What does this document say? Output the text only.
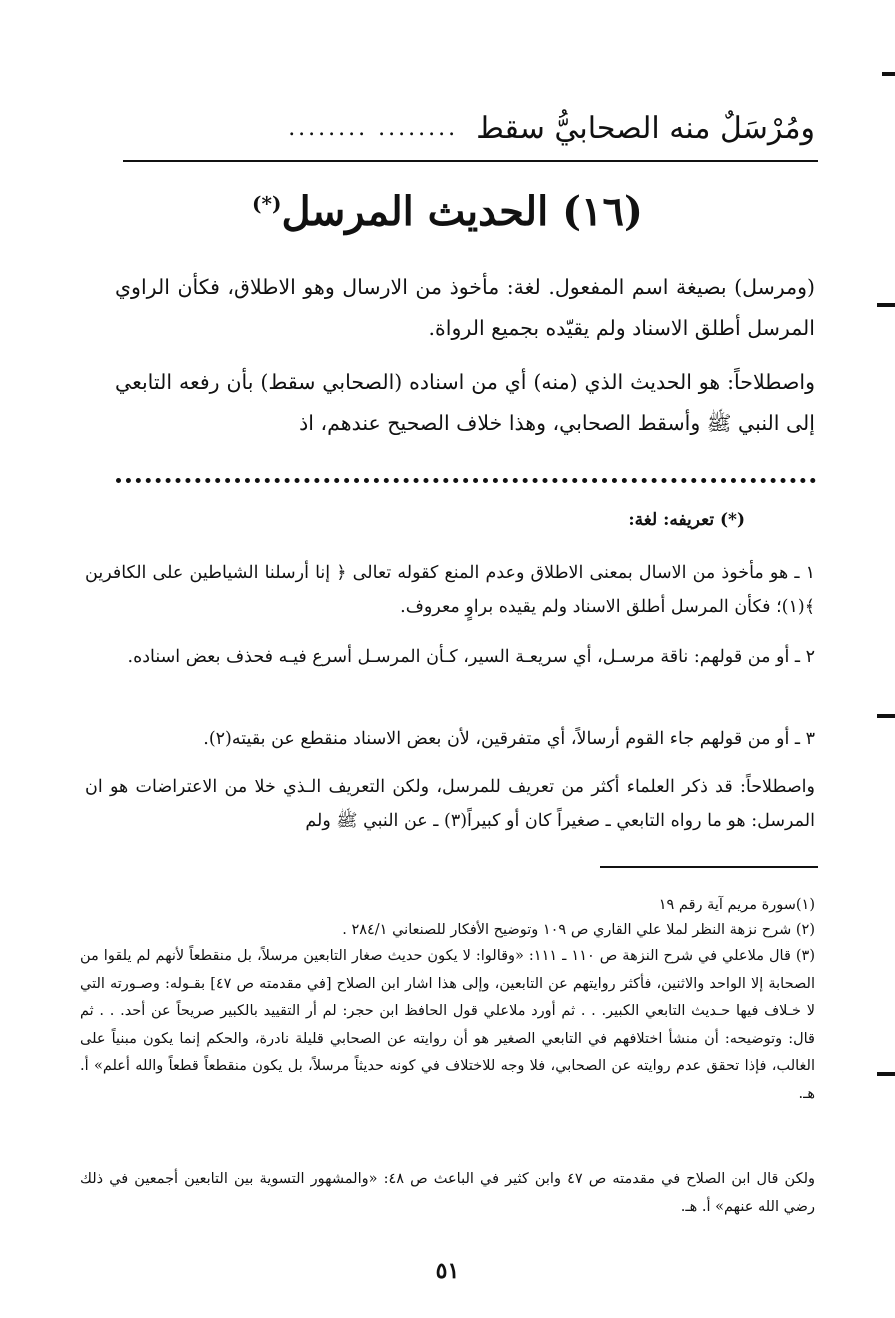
ومُرْسَلٌ منه الصحابيُّ سقط
........ ........
(١٦) الحديث المرسل(*)

(ومرسل) بصيغة اسم المفعول. لغة: مأخوذ من الارسال وهو الاطلاق، فكأن الراوي المرسل أطلق الاسناد ولم يقيّده بجميع الرواة.

واصطلاحاً: هو الحديث الذي (منه) أي من اسناده (الصحابي سقط) بأن رفعه التابعي إلى النبي ﷺ وأسقط الصحابي، وهذا خلاف الصحيح عندهم، اذ

(*) تعريفه: لغة:

١ ـ هو مأخوذ من الاسال بمعنى الاطلاق وعدم المنع كقوله تعالى ﴿ إنا أرسلنا الشياطين على الكافرين ﴾(١)؛ فكأن المرسل أطلق الاسناد ولم يقيده براوٍ معروف.

٢ ـ أو من قولهم: ناقة مرسـل، أي سريعـة السير، كـأن المرسـل أسرع فيـه فحذف بعض اسناده.

٣ ـ أو من قولهم جاء القوم أرسالاً، أي متفرقين، لأن بعض الاسناد منقطع عن بقيته(٢).

واصطلاحاً: قد ذكر العلماء أكثر من تعريف للمرسل، ولكن التعريف الـذي خلا من الاعتراضات هو ان المرسل: هو ما رواه التابعي ـ صغيراً كان أو كبيراً(٣) ـ عن النبي ﷺ ولم

(١)سورة مريم آية رقم ١٩

(٢) شرح نزهة النظر لملا علي القاري ص ١٠٩ وتوضيح الأفكار للصنعاني ٢٨٤/١ .

(٣) قال ملاعلي في شرح النزهة ص ١١٠ ـ ١١١: «وقالوا: لا يكون حديث صغار التابعين مرسلاً، بل منقطعاً لأنهم لم يلقوا من الصحابة إلا الواحد والاثنين، فأكثر روايتهم عن التابعين، وإلى هذا اشار ابن الصلاح [في مقدمته ص ٤٧] بقـوله: وصـورته التي لا خـلاف فيها حـديث التابعي الكبير. . . ثم أورد ملاعلي قول الحافظ ابن حجر: لم أر التقييد بالكبير صريحاً عن أحد. . . ثم قال: وتوضيحه: أن منشأ اختلافهم في التابعي الصغير هو أن روايته عن الصحابي قليلة نادرة، والحكم إنما يكون مبنياً على الغالب، فإذا تحقق عدم روايته عن الصحابي، فلا وجه للاختلاف في كونه حديثاً مرسلاً، بل يكون منقطعاً قطعاً والله أعلم» أ. هـ.

ولكن قال ابن الصلاح في مقدمته ص ٤٧ وابن كثير في الباعث ص ٤٨: «والمشهور التسوية بين التابعين أجمعين في ذلك رضي الله عنهم» أ. هـ.

٥١
